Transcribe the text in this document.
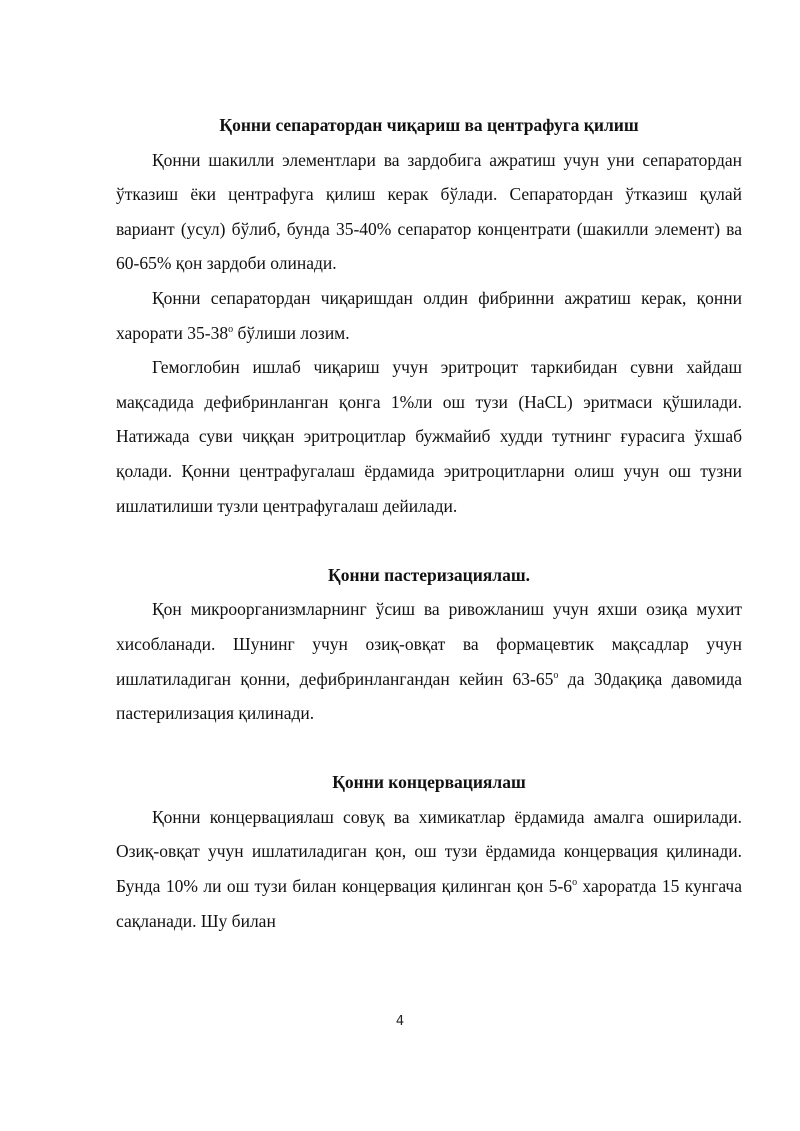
Қонни сепаратордан чиқариш ва центрафуга қилиш

Қонни шакилли элементлари ва зардобига ажратиш учун уни сепаратордан ўтказиш ёки центрафуга қилиш керак бўлади. Сепаратордан ўтказиш қулай вариант (усул) бўлиб, бунда 35-40% сепаратор концентрати (шакилли элемент) ва 60-65% қон зардоби олинади.

Қонни сепаратордан чиқаришдан олдин фибринни ажратиш керак, қонни харорати $35-38^о$ бўлиши лозим.

Гемоглобин ишлаб чиқариш учун эритроцит таркибидан сувни хайдаш мақсадида дефибринланган қонга 1%ли ош тузи (HaCL) эритмаси қўшилади. Натижада суви чиққан эритроцитлар бужмайиб худди тутнинг ғурасига ўхшаб қолади. Қонни центрафугалаш ёрдамида эритроцитларни олиш учун ош тузни ишлатилиши тузли центрафугалаш дейилади.

Қонни пастеризациялаш.

Қон микроорганизмларнинг ўсиш ва ривожланиш учун яхши озиқа мухит хисобланади. Шунинг учун озиқ-овқат ва формацевтик мақсадлар учун ишлатиладиган қонни, дефибринлангандан кейин $63-65^о$ да 30дақиқа давомида пастерилизация қилинади.

Қонни концервациялаш

Қонни концервациялаш совуқ ва химикатлар ёрдамида амалга оширилади. Озиқ-овқат учун ишлатиладиган қон, ош тузи ёрдамида концервация қилинади. Бунда 10% ли ош тузи билан концервация қилинган қон $5-6^о$ хароратда 15 кунгача сақланади. Шу билан

4
